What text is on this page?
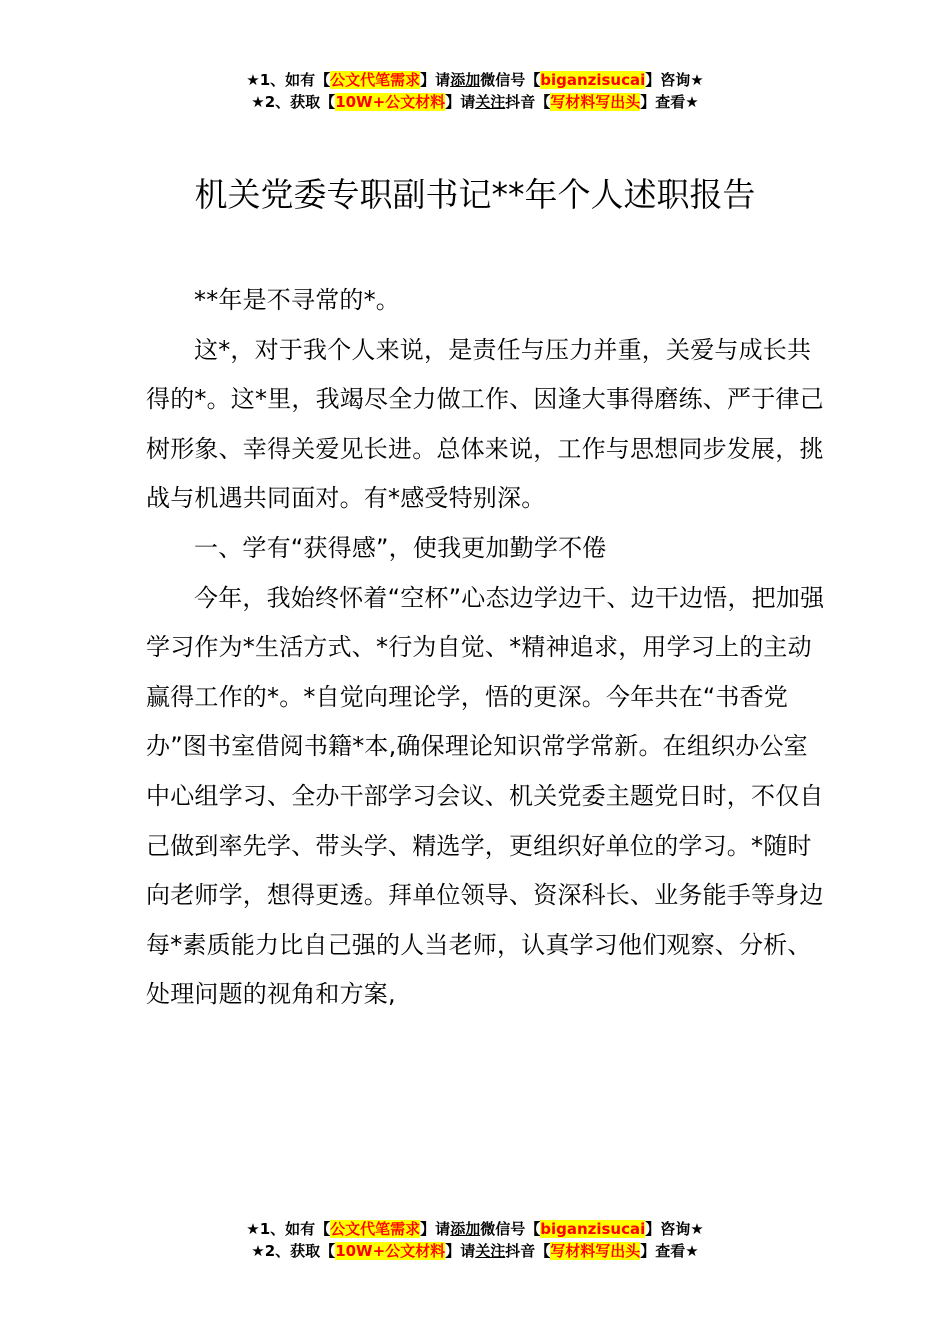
★1、如有【公文代笔需求】请添加微信号【biganzisucai】咨询★
★2、获取【10W+公文材料】请关注抖音【写材料写出头】查看★
机关党委专职副书记**年个人述职报告

**年是不寻常的*。

这*，对于我个人来说，是责任与压力并重，关爱与成长共得的*。这*里，我竭尽全力做工作、因逢大事得磨练、严于律己树形象、幸得关爱见长进。总体来说，工作与思想同步发展，挑战与机遇共同面对。有*感受特别深。

一、学有“获得感”，使我更加勤学不倦

今年，我始终怀着“空杯”心态边学边干、边干边悟，把加强学习作为*生活方式、*行为自觉、*精神追求，用学习上的主动赢得工作的*。*自觉向理论学，悟的更深。今年共在“书香党办”图书室借阅书籍*本,确保理论知识常学常新。在组织办公室中心组学习、全办干部学习会议、机关党委主题党日时，不仅自己做到率先学、带头学、精选学，更组织好单位的学习。*随时向老师学，想得更透。拜单位领导、资深科长、业务能手等身边每*素质能力比自己强的人当老师，认真学习他们观察、分析、处理问题的视角和方案,

★1、如有【公文代笔需求】请添加微信号【biganzisucai】咨询★
★2、获取【10W+公文材料】请关注抖音【写材料写出头】查看★
